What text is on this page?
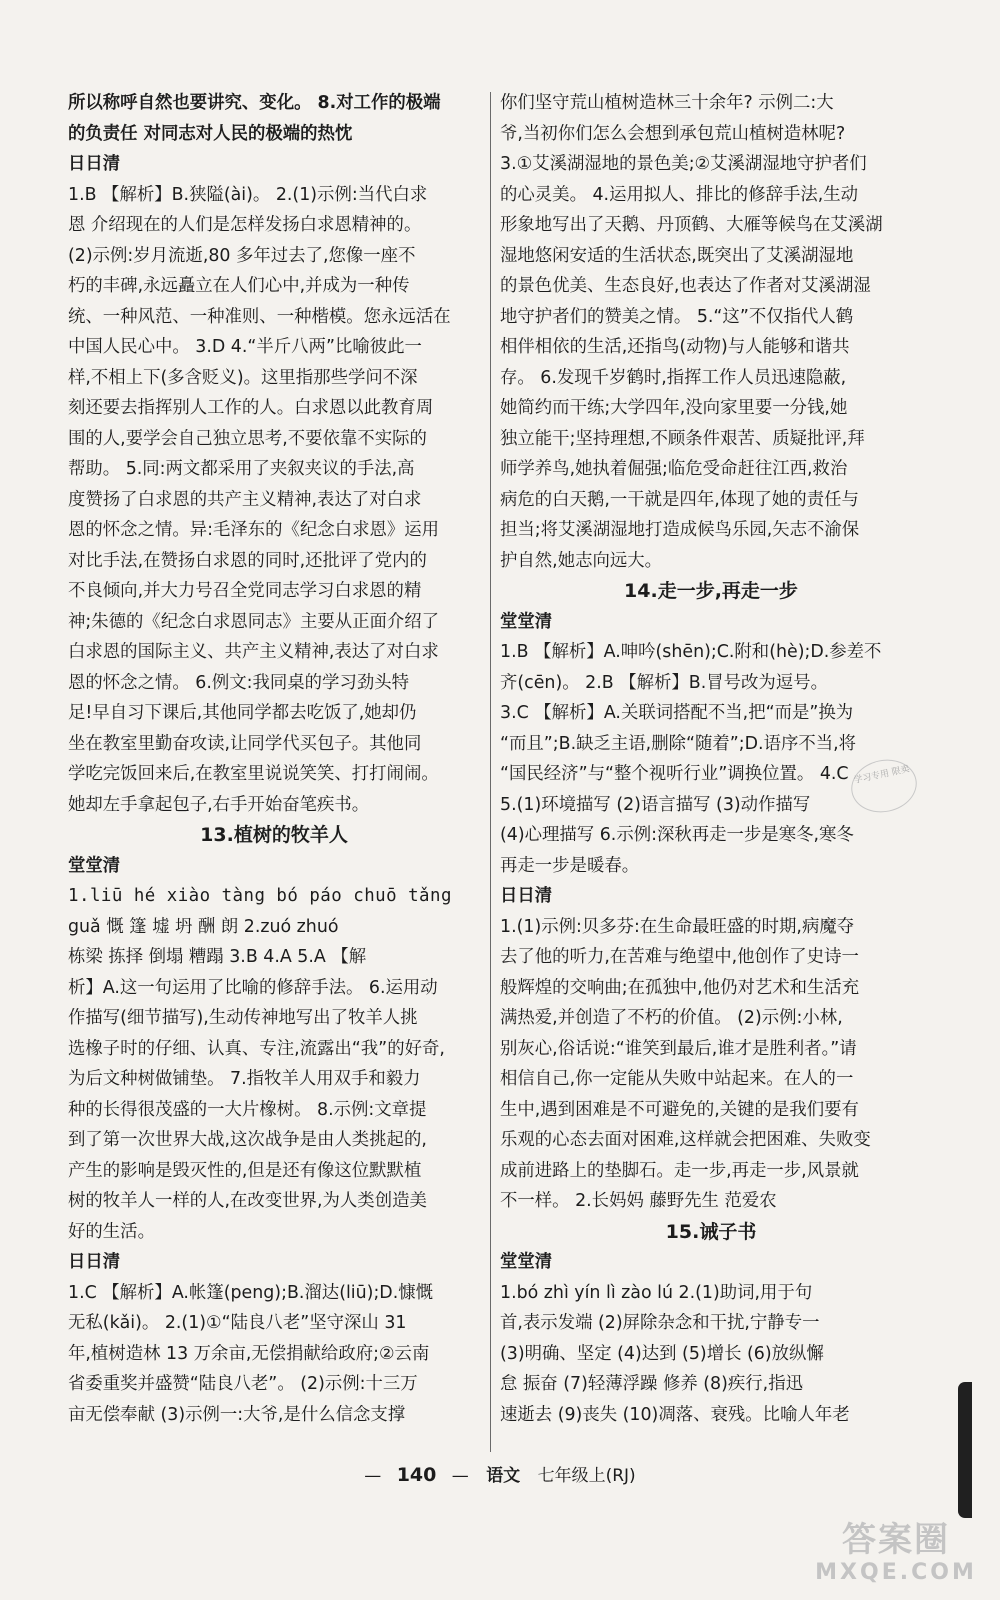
所以称呼自然也要讲究、变化。 8.对工作的极端
的负责任 对同志对人民的极端的热忱
日日清
1.B 【解析】B.狭隘(ài)。 2.(1)示例:当代白求
恩 介绍现在的人们是怎样发扬白求恩精神的。
(2)示例:岁月流逝,80 多年过去了,您像一座不
朽的丰碑,永远矗立在人们心中,并成为一种传
统、一种风范、一种准则、一种楷模。您永远活在
中国人民心中。 3.D 4.“半斤八两”比喻彼此一
样,不相上下(多含贬义)。这里指那些学问不深
刻还要去指挥别人工作的人。白求恩以此教育周
围的人,要学会自己独立思考,不要依靠不实际的
帮助。 5.同:两文都采用了夹叙夹议的手法,高
度赞扬了白求恩的共产主义精神,表达了对白求
恩的怀念之情。异:毛泽东的《纪念白求恩》运用
对比手法,在赞扬白求恩的同时,还批评了党内的
不良倾向,并大力号召全党同志学习白求恩的精
神;朱德的《纪念白求恩同志》主要从正面介绍了
白求恩的国际主义、共产主义精神,表达了对白求
恩的怀念之情。 6.例文:我同桌的学习劲头特
足!早自习下课后,其他同学都去吃饭了,她却仍
坐在教室里勤奋攻读,让同学代买包子。其他同
学吃完饭回来后,在教室里说说笑笑、打打闹闹。
她却左手拿起包子,右手开始奋笔疾书。
13.植树的牧羊人
堂堂清
1.liū hé xiào tàng bó páo chuō tǎng
guǎ 慨 篷 墟 坍 酬 朗 2.zuó zhuó
栋梁 拣择 倒塌 糟蹋 3.B 4.A 5.A 【解
析】A.这一句运用了比喻的修辞手法。 6.运用动
作描写(细节描写),生动传神地写出了牧羊人挑
选橡子时的仔细、认真、专注,流露出“我”的好奇,
为后文种树做铺垫。 7.指牧羊人用双手和毅力
种的长得很茂盛的一大片橡树。 8.示例:文章提
到了第一次世界大战,这次战争是由人类挑起的,
产生的影响是毁灭性的,但是还有像这位默默植
树的牧羊人一样的人,在改变世界,为人类创造美
好的生活。
日日清
1.C 【解析】A.帐篷(peng);B.溜达(liū);D.慷慨
无私(kǎi)。 2.(1)①“陆良八老”坚守深山 31
年,植树造林 13 万余亩,无偿捐献给政府;②云南
省委重奖并盛赞“陆良八老”。 (2)示例:十三万
亩无偿奉献 (3)示例一:大爷,是什么信念支撑
你们坚守荒山植树造林三十余年? 示例二:大
爷,当初你们怎么会想到承包荒山植树造林呢?
3.①艾溪湖湿地的景色美;②艾溪湖湿地守护者们
的心灵美。 4.运用拟人、排比的修辞手法,生动
形象地写出了天鹅、丹顶鹤、大雁等候鸟在艾溪湖
湿地悠闲安适的生活状态,既突出了艾溪湖湿地
的景色优美、生态良好,也表达了作者对艾溪湖湿
地守护者们的赞美之情。 5.“这”不仅指代人鹤
相伴相依的生活,还指鸟(动物)与人能够和谐共
存。 6.发现千岁鹤时,指挥工作人员迅速隐蔽,
她简约而干练;大学四年,没向家里要一分钱,她
独立能干;坚持理想,不顾条件艰苦、质疑批评,拜
师学养鸟,她执着倔强;临危受命赶往江西,救治
病危的白天鹅,一干就是四年,体现了她的责任与
担当;将艾溪湖湿地打造成候鸟乐园,矢志不渝保
护自然,她志向远大。
14.走一步,再走一步
堂堂清
1.B 【解析】A.呻吟(shēn);C.附和(hè);D.参差不
齐(cēn)。 2.B 【解析】B.冒号改为逗号。
3.C 【解析】A.关联词搭配不当,把“而是”换为
“而且”;B.缺乏主语,删除“随着”;D.语序不当,将
“国民经济”与“整个视听行业”调换位置。 4.C
5.(1)环境描写 (2)语言描写 (3)动作描写
(4)心理描写 6.示例:深秋再走一步是寒冬,寒冬
再走一步是暖春。
日日清
1.(1)示例:贝多芬:在生命最旺盛的时期,病魔夺
去了他的听力,在苦难与绝望中,他创作了史诗一
般辉煌的交响曲;在孤独中,他仍对艺术和生活充
满热爱,并创造了不朽的价值。 (2)示例:小林,
别灰心,俗话说:“谁笑到最后,谁才是胜利者。”请
相信自己,你一定能从失败中站起来。在人的一
生中,遇到困难是不可避免的,关键的是我们要有
乐观的心态去面对困难,这样就会把困难、失败变
成前进路上的垫脚石。走一步,再走一步,风景就
不一样。 2.长妈妈 藤野先生 范爱农
15.诫子书
堂堂清
1.bó zhì yín lì zào lú 2.(1)助词,用于句
首,表示发端 (2)屏除杂念和干扰,宁静专一
(3)明确、坚定 (4)达到 (5)增长 (6)放纵懈
怠 振奋 (7)轻薄浮躁 修养 (8)疾行,指迅
速逝去 (9)丧失 (10)凋落、衰残。比喻人年老
学习专用 限卖
— 140 — 语文 七年级上(RJ)
答案圈
MXQE.COM
